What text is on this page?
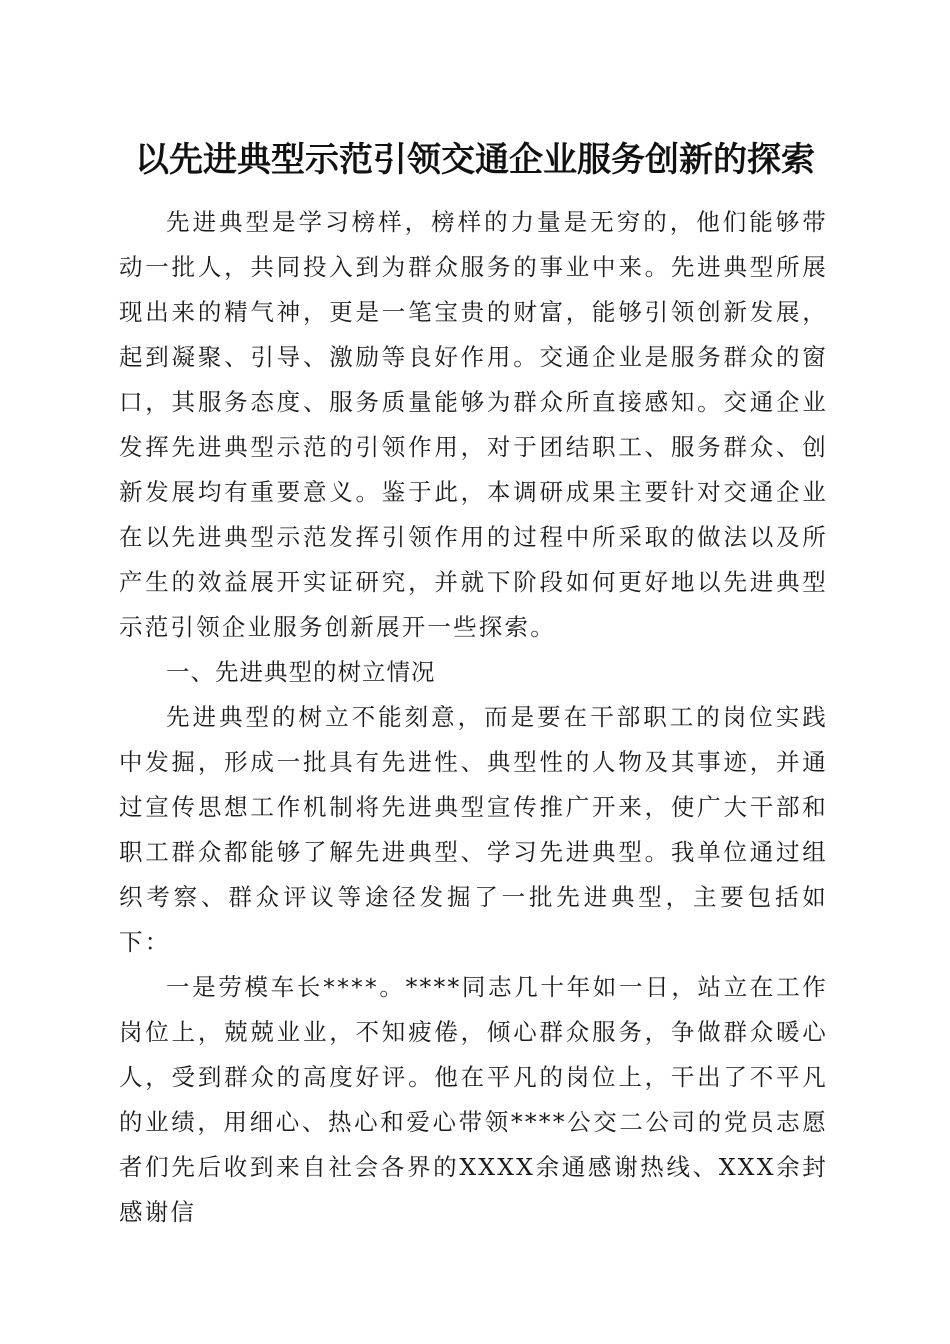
以先进典型示范引领交通企业服务创新的探索

先进典型是学习榜样，榜样的力量是无穷的，他们能够带动一批人，共同投入到为群众服务的事业中来。先进典型所展现出来的精气神，更是一笔宝贵的财富，能够引领创新发展，起到凝聚、引导、激励等良好作用。交通企业是服务群众的窗口，其服务态度、服务质量能够为群众所直接感知。交通企业发挥先进典型示范的引领作用，对于团结职工、服务群众、创新发展均有重要意义。鉴于此，本调研成果主要针对交通企业在以先进典型示范发挥引领作用的过程中所采取的做法以及所产生的效益展开实证研究，并就下阶段如何更好地以先进典型示范引领企业服务创新展开一些探索。

一、先进典型的树立情况

先进典型的树立不能刻意，而是要在干部职工的岗位实践中发掘，形成一批具有先进性、典型性的人物及其事迹，并通过宣传思想工作机制将先进典型宣传推广开来，使广大干部和职工群众都能够了解先进典型、学习先进典型。我单位通过组织考察、群众评议等途径发掘了一批先进典型，主要包括如下：

一是劳模车长****。****同志几十年如一日，站立在工作岗位上，兢兢业业，不知疲倦，倾心群众服务，争做群众暖心人，受到群众的高度好评。他在平凡的岗位上，干出了不平凡的业绩，用细心、热心和爱心带领****公交二公司的党员志愿者们先后收到来自社会各界的XXXX余通感谢热线、XXX余封感谢信
